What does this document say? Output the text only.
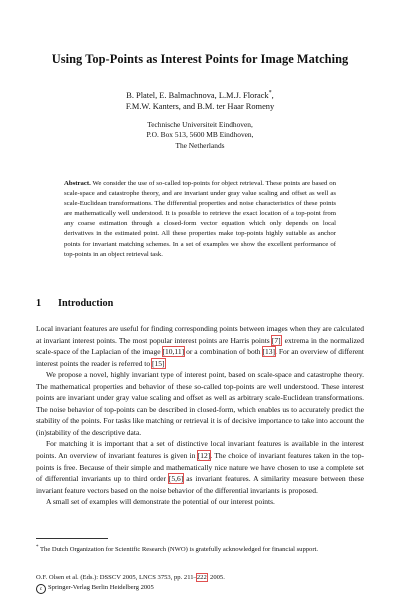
Using Top-Points as Interest Points for Image Matching
B. Platel, E. Balmachnova, L.M.J. Florack*,
F.M.W. Kanters, and B.M. ter Haar Romeny
Technische Universiteit Eindhoven,
P.O. Box 513, 5600 MB Eindhoven,
The Netherlands
Abstract. We consider the use of so-called top-points for object retrieval. These points are based on scale-space and catastrophe theory, and are invariant under gray value scaling and offset as well as scale-Euclidean transformations. The differential properties and noise characteristics of these points are mathematically well understood. It is possible to retrieve the exact location of a top-point from any coarse estimation through a closed-form vector equation which only depends on local derivatives in the estimated point. All these properties make top-points highly suitable as anchor points for invariant matching schemes. In a set of examples we show the excellent performance of top-points in an object retrieval task.
1 Introduction

Local invariant features are useful for finding corresponding points between images when they are calculated at invariant interest points. The most popular interest points are Harris points [7], extrema in the normalized scale-space of the Laplacian of the image [10,11] or a combination of both [13]. For an overview of different interest points the reader is referred to [15].

We propose a novel, highly invariant type of interest point, based on scale-space and catastrophe theory. The mathematical properties and behavior of these so-called top-points are well understood. These interest points are invariant under gray value scaling and offset as well as arbitrary scale-Euclidean transformations. The noise behavior of top-points can be described in closed-form, which enables us to accurately predict the stability of the points. For tasks like matching or retrieval it is of decisive importance to take into account the (in)stability of the descriptive data.

For matching it is important that a set of distinctive local invariant features is available in the interest points. An overview of invariant features is given in [12]. The choice of invariant features taken in the top-points is free. Because of their simple and mathematically nice nature we have chosen to use a complete set of differential invariants up to third order [5,6] as invariant features. A similarity measure between these invariant feature vectors based on the noise behavior of the differential invariants is proposed.

A small set of examples will demonstrate the potential of our interest points.

* The Dutch Organization for Scientific Research (NWO) is gratefully acknowledged for financial support.
O.F. Olsen et al. (Eds.): DSSCV 2005, LNCS 3753, pp. 211–222, 2005.
c Springer-Verlag Berlin Heidelberg 2005
